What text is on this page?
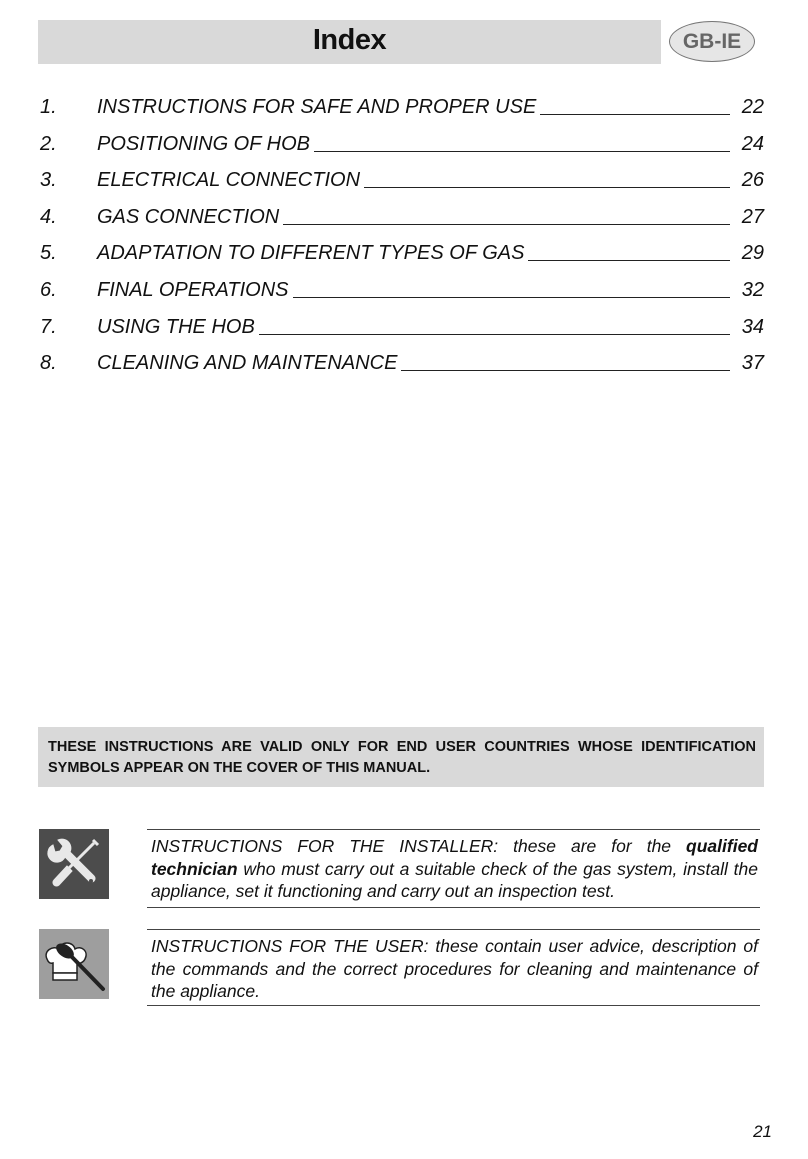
Index	GB-IE
1.	INSTRUCTIONS FOR SAFE AND PROPER USE	22
2.	POSITIONING OF HOB	24
3.	ELECTRICAL CONNECTION	26
4.	GAS CONNECTION	27
5.	ADAPTATION TO DIFFERENT TYPES OF GAS	29
6.	FINAL OPERATIONS	32
7.	USING THE HOB	34
8.	CLEANING AND MAINTENANCE	37
THESE INSTRUCTIONS ARE VALID ONLY FOR END USER COUNTRIES WHOSE IDENTIFICATION SYMBOLS APPEAR ON THE COVER OF THIS MANUAL.
INSTRUCTIONS FOR THE INSTALLER: these are for the qualified technician who must carry out a suitable check of the gas system, install the appliance, set it functioning and carry out an inspection test.
INSTRUCTIONS FOR THE USER: these contain user advice, description of the commands and the correct procedures for cleaning and maintenance of the appliance.
21
